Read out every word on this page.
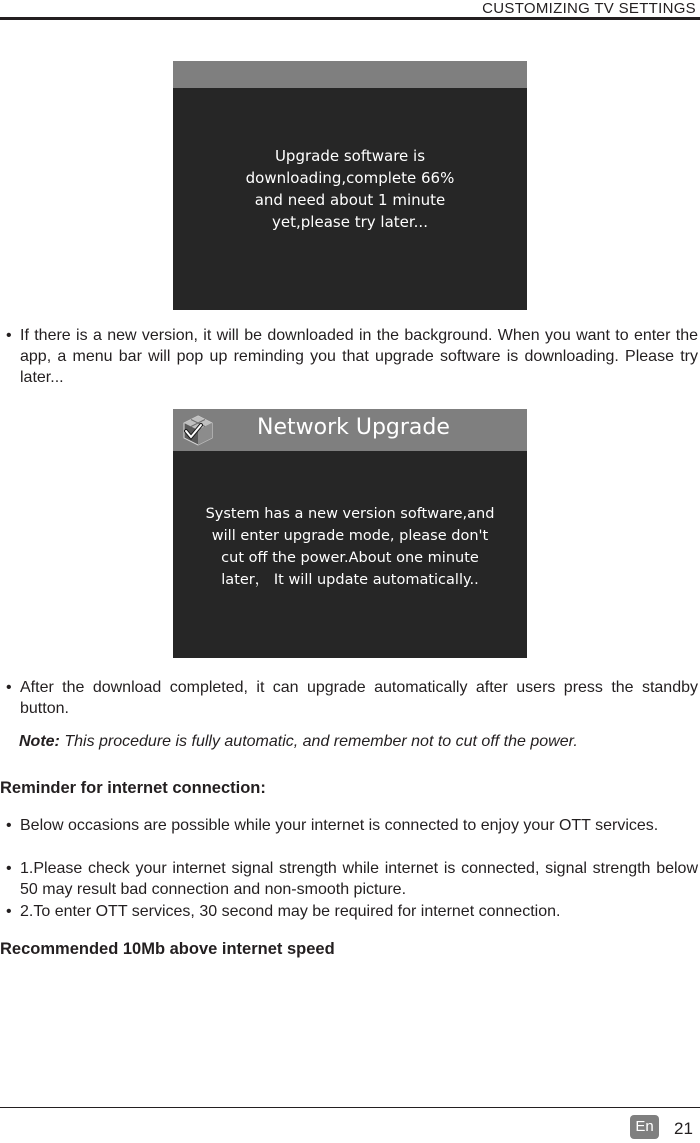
CUSTOMIZING TV SETTINGS
Upgrade software is
downloading,complete 66%
and need about 1 minute
yet,please try later...
• If there is a new version, it will be downloaded in the background. When you want to enter the app, a menu bar will pop up reminding you that upgrade software is downloading. Please try later...
Network Upgrade
System has a new version software,and
will enter upgrade mode, please don't
cut off the power.About one minute
later， It will update automatically..
• After the download completed, it can upgrade automatically after users press the standby button.
Note: This procedure is fully automatic, and remember not to cut off the power.
Reminder for internet connection:
• Below occasions are possible while your internet is connected to enjoy your OTT services.
• 1.Please check your internet signal strength while internet is connected, signal strength below 50 may result bad connection and non-smooth picture.
• 2.To enter OTT services, 30 second may be required for internet connection.
Recommended 10Mb above internet speed
En	21
